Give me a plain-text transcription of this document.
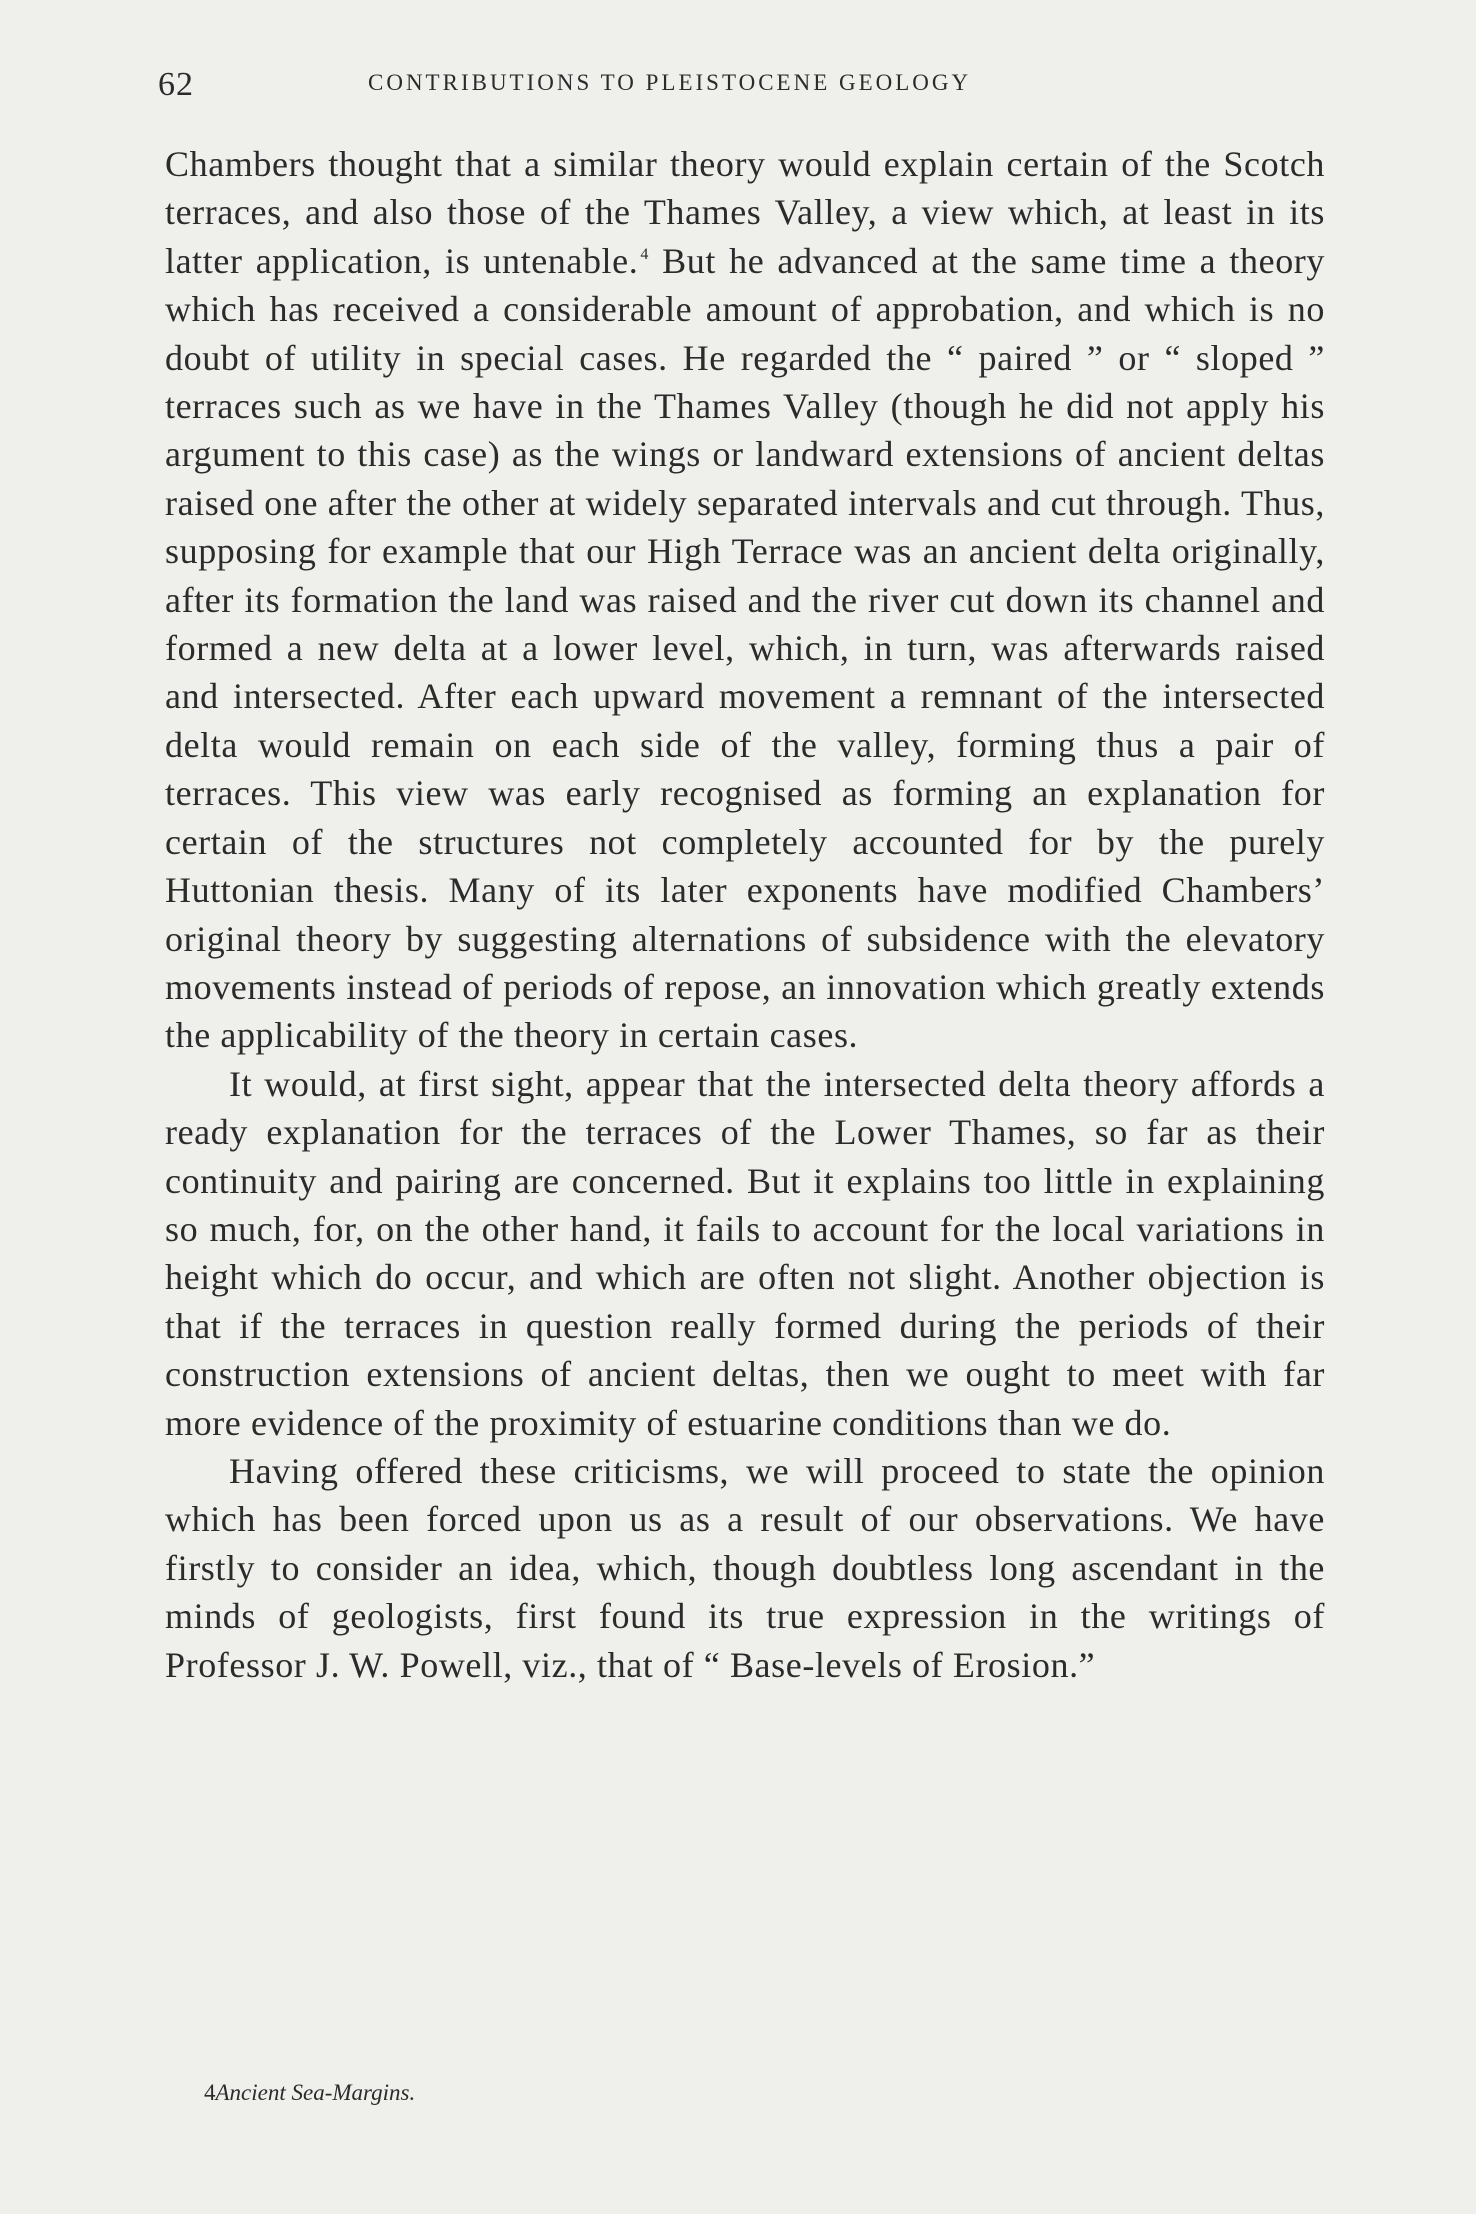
62	CONTRIBUTIONS TO PLEISTOCENE GEOLOGY

Chambers thought that a similar theory would explain certain of the Scotch terraces, and also those of the Thames Valley, a view which, at least in its latter application, is untenable. $^4$ But he advanced at the same time a theory which has received a considerable amount of approbation, and which is no doubt of utility in special cases. He regarded the “ paired ” or “ sloped ” terraces such as we have in the Thames Valley (though he did not apply his argument to this case) as the wings or landward extensions of ancient deltas raised one after the other at widely separated intervals and cut through. Thus, supposing for example that our High Terrace was an ancient delta originally, after its formation the land was raised and the river cut down its channel and formed a new delta at a lower level, which, in turn, was afterwards raised and intersected. After each upward movement a remnant of the intersected delta would remain on each side of the valley, forming thus a pair of terraces. This view was early recognised as forming an explanation for certain of the structures not completely accounted for by the purely Huttonian thesis. Many of its later exponents have modified Chambers’ original theory by suggesting alternations of subsidence with the elevatory movements instead of periods of repose, an innovation which greatly extends the applicability of the theory in certain cases.

It would, at first sight, appear that the intersected delta theory affords a ready explanation for the terraces of the Lower Thames, so far as their continuity and pairing are concerned. But it explains too little in explaining so much, for, on the other hand, it fails to account for the local variations in height which do occur, and which are often not slight. Another objection is that if the terraces in question really formed during the periods of their construction extensions of ancient deltas, then we ought to meet with far more evidence of the proximity of estuarine conditions than we do.

Having offered these criticisms, we will proceed to state the opinion which has been forced upon us as a result of our observations. We have firstly to consider an idea, which, though doubtless long ascendant in the minds of geologists, first found its true expression in the writings of Professor J. W. Powell, viz., that of “ Base-levels of Erosion.”

4Ancient Sea-Margins.
